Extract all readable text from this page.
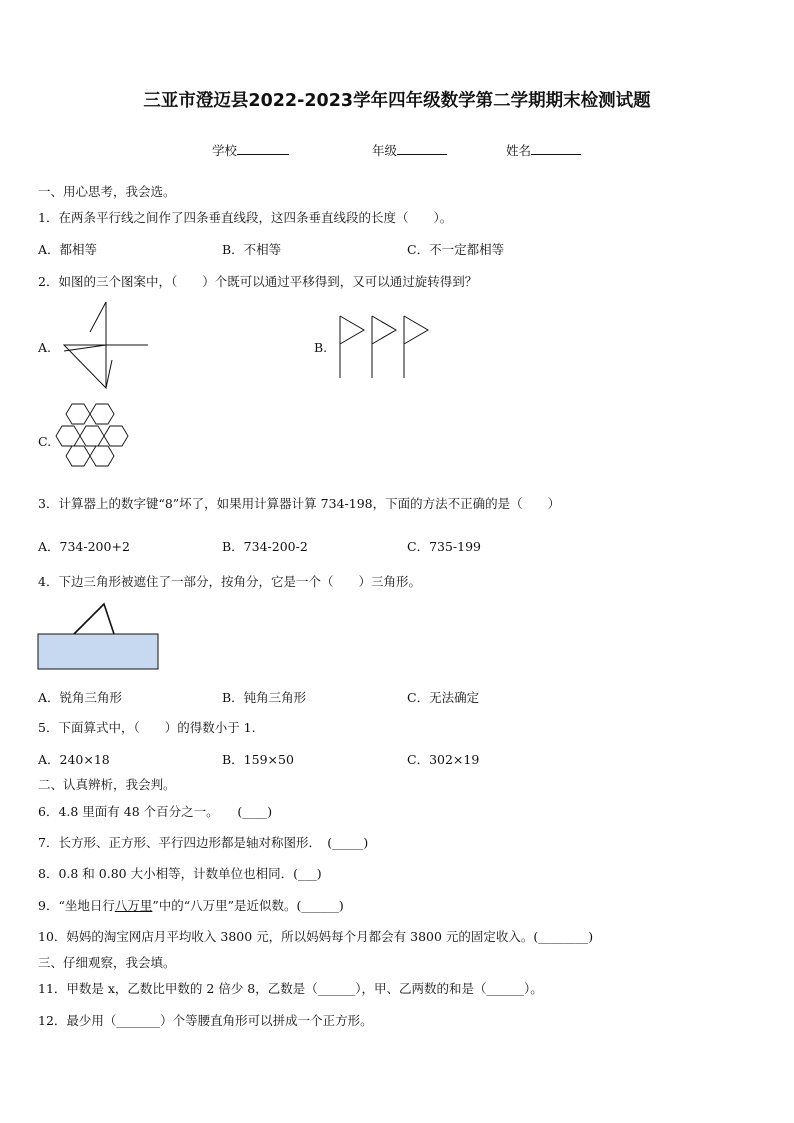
三亚市澄迈县2022-2023学年四年级数学第二学期期末检测试题
学校	年级	姓名
一、用心思考，我会选。
1．在两条平行线之间作了四条垂直线段，这四条垂直线段的长度（　　）。
A．都相等	B．不相等	C．不一定都相等
2．如图的三个图案中，（　　）个既可以通过平移得到，又可以通过旋转得到？
A.	B.
C.
3．计算器上的数字键“8”坏了，如果用计算器计算 734-198，下面的方法不正确的是（　　）
A．734-200+2	B．734-200-2	C．735-199
4．下边三角形被遮住了一部分，按角分，它是一个（　　）三角形。
A．锐角三角形	B．钝角三角形	C．无法确定
5．下面算式中，（　　）的得数小于 1.
A．240×18	B．159×50	C．302×19
二、认真辨析，我会判。
6．4.8 里面有 48 个百分之一。　　(____)
7．长方形、正方形、平行四边形都是轴对称图形．　(_____)
8．0.8 和 0.80 大小相等，计数单位也相同．(___)
9．“坐地日行八万里”中的“八万里”是近似数。(______)
10．妈妈的淘宝网店月平均收入 3800 元，所以妈妈每个月都会有 3800 元的固定收入。(________)
三、仔细观察，我会填。
11．甲数是 x，乙数比甲数的 2 倍少 8，乙数是（______），甲、乙两数的和是（______）。
12．最少用（_______）个等腰直角形可以拼成一个正方形。
